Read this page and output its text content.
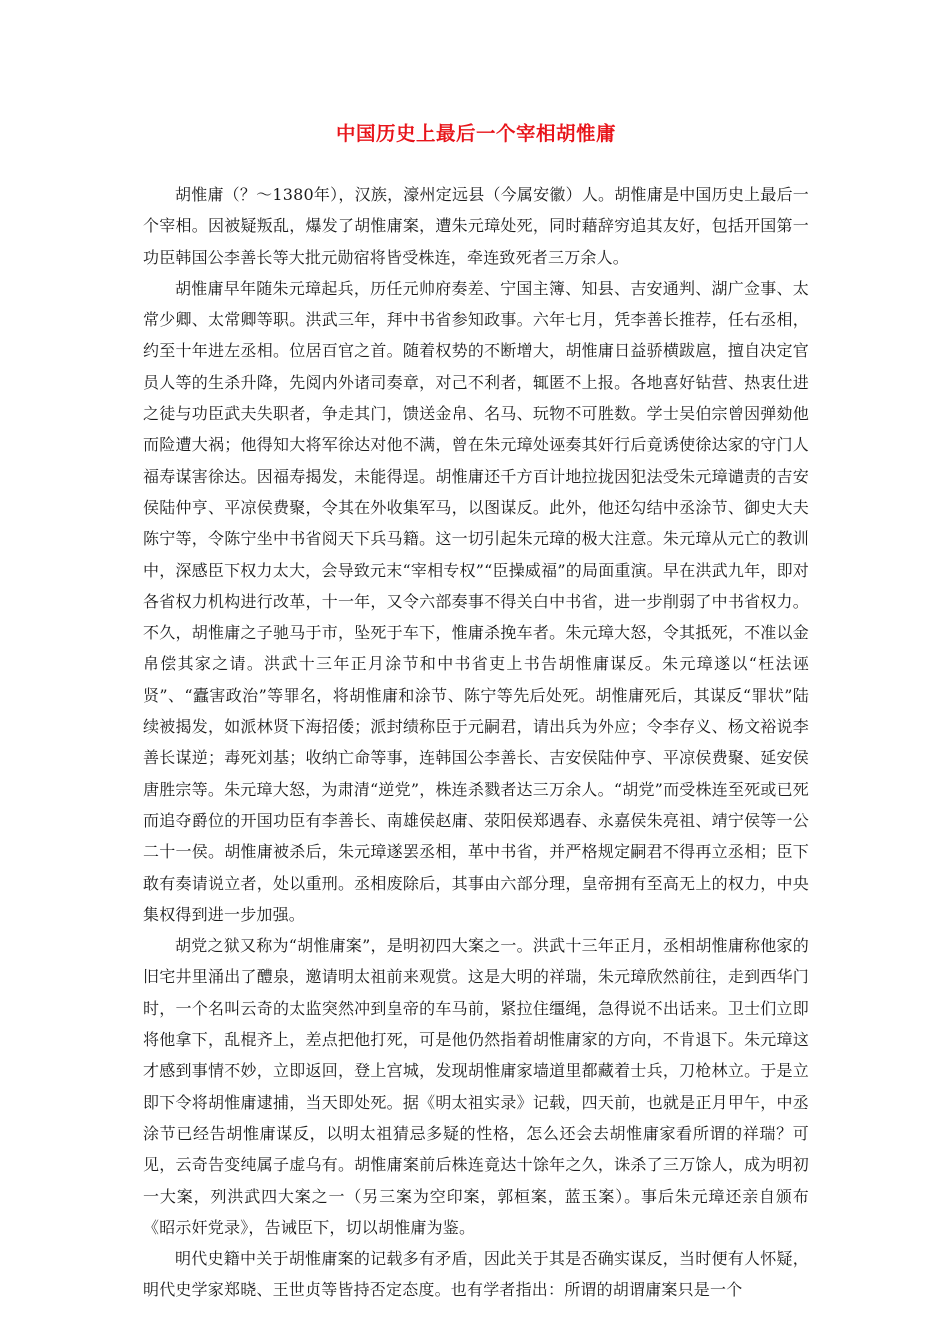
中国历史上最后一个宰相胡惟庸

胡惟庸（？～1380年），汉族，濠州定远县（今属安徽）人。胡惟庸是中国历史上最后一个宰相。因被疑叛乱，爆发了胡惟庸案，遭朱元璋处死，同时藉辞穷追其友好，包括开国第一功臣韩国公李善长等大批元勋宿将皆受株连，牵连致死者三万余人。

胡惟庸早年随朱元璋起兵，历任元帅府奏差、宁国主簿、知县、吉安通判、湖广佥事、太常少卿、太常卿等职。洪武三年，拜中书省参知政事。六年七月，凭李善长推荐，任右丞相，约至十年进左丞相。位居百官之首。随着权势的不断增大，胡惟庸日益骄横跋扈，擅自决定官员人等的生杀升降，先阅内外诸司奏章，对己不利者，辄匿不上报。各地喜好钻营、热衷仕进之徒与功臣武夫失职者，争走其门，馈送金帛、名马、玩物不可胜数。学士吴伯宗曾因弹劾他而险遭大祸；他得知大将军徐达对他不满，曾在朱元璋处诬奏其奸行后竟诱使徐达家的守门人福寿谋害徐达。因福寿揭发，未能得逞。胡惟庸还千方百计地拉拢因犯法受朱元璋谴责的吉安侯陆仲亨、平凉侯费聚，令其在外收集军马，以图谋反。此外，他还勾结中丞涂节、御史大夫陈宁等，令陈宁坐中书省阅天下兵马籍。这一切引起朱元璋的极大注意。朱元璋从元亡的教训中，深感臣下权力太大，会导致元末“宰相专权”“臣操威福”的局面重演。早在洪武九年，即对各省权力机构进行改革，十一年，又令六部奏事不得关白中书省，进一步削弱了中书省权力。不久，胡惟庸之子驰马于市，坠死于车下，惟庸杀挽车者。朱元璋大怒，令其抵死，不准以金帛偿其家之请。洪武十三年正月涂节和中书省吏上书告胡惟庸谋反。朱元璋遂以“枉法诬贤”、“蠹害政治”等罪名，将胡惟庸和涂节、陈宁等先后处死。胡惟庸死后，其谋反“罪状”陆续被揭发，如派林贤下海招倭；派封绩称臣于元嗣君，请出兵为外应；令李存义、杨文裕说李善长谋逆；毒死刘基；收纳亡命等事，连韩国公李善长、吉安侯陆仲亨、平凉侯费聚、延安侯唐胜宗等。朱元璋大怒，为肃清“逆党”，株连杀戮者达三万余人。“胡党”而受株连至死或已死而追夺爵位的开国功臣有李善长、南雄侯赵庸、荥阳侯郑遇春、永嘉侯朱亮祖、靖宁侯等一公二十一侯。胡惟庸被杀后，朱元璋遂罢丞相，革中书省，并严格规定嗣君不得再立丞相；臣下敢有奏请说立者，处以重刑。丞相废除后，其事由六部分理，皇帝拥有至高无上的权力，中央集权得到进一步加强。

胡党之狱又称为“胡惟庸案”，是明初四大案之一。洪武十三年正月，丞相胡惟庸称他家的旧宅井里涌出了醴泉，邀请明太祖前来观赏。这是大明的祥瑞，朱元璋欣然前往，走到西华门时，一个名叫云奇的太监突然冲到皇帝的车马前，紧拉住缰绳，急得说不出话来。卫士们立即将他拿下，乱棍齐上，差点把他打死，可是他仍然指着胡惟庸家的方向，不肯退下。朱元璋这才感到事情不妙，立即返回，登上宫城，发现胡惟庸家墙道里都藏着士兵，刀枪林立。于是立即下令将胡惟庸逮捕，当天即处死。据《明太祖实录》记载，四天前，也就是正月甲午，中丞涂节已经告胡惟庸谋反，以明太祖猜忌多疑的性格，怎么还会去胡惟庸家看所谓的祥瑞？可见，云奇告变纯属子虚乌有。胡惟庸案前后株连竟达十馀年之久，诛杀了三万馀人，成为明初一大案，列洪武四大案之一（另三案为空印案，郭桓案，蓝玉案）。事后朱元璋还亲自颁布《昭示奸党录》，告诫臣下，切以胡惟庸为鉴。

明代史籍中关于胡惟庸案的记载多有矛盾，因此关于其是否确实谋反，当时便有人怀疑，明代史学家郑晓、王世贞等皆持否定态度。也有学者指出：所谓的胡谓庸案只是一个
